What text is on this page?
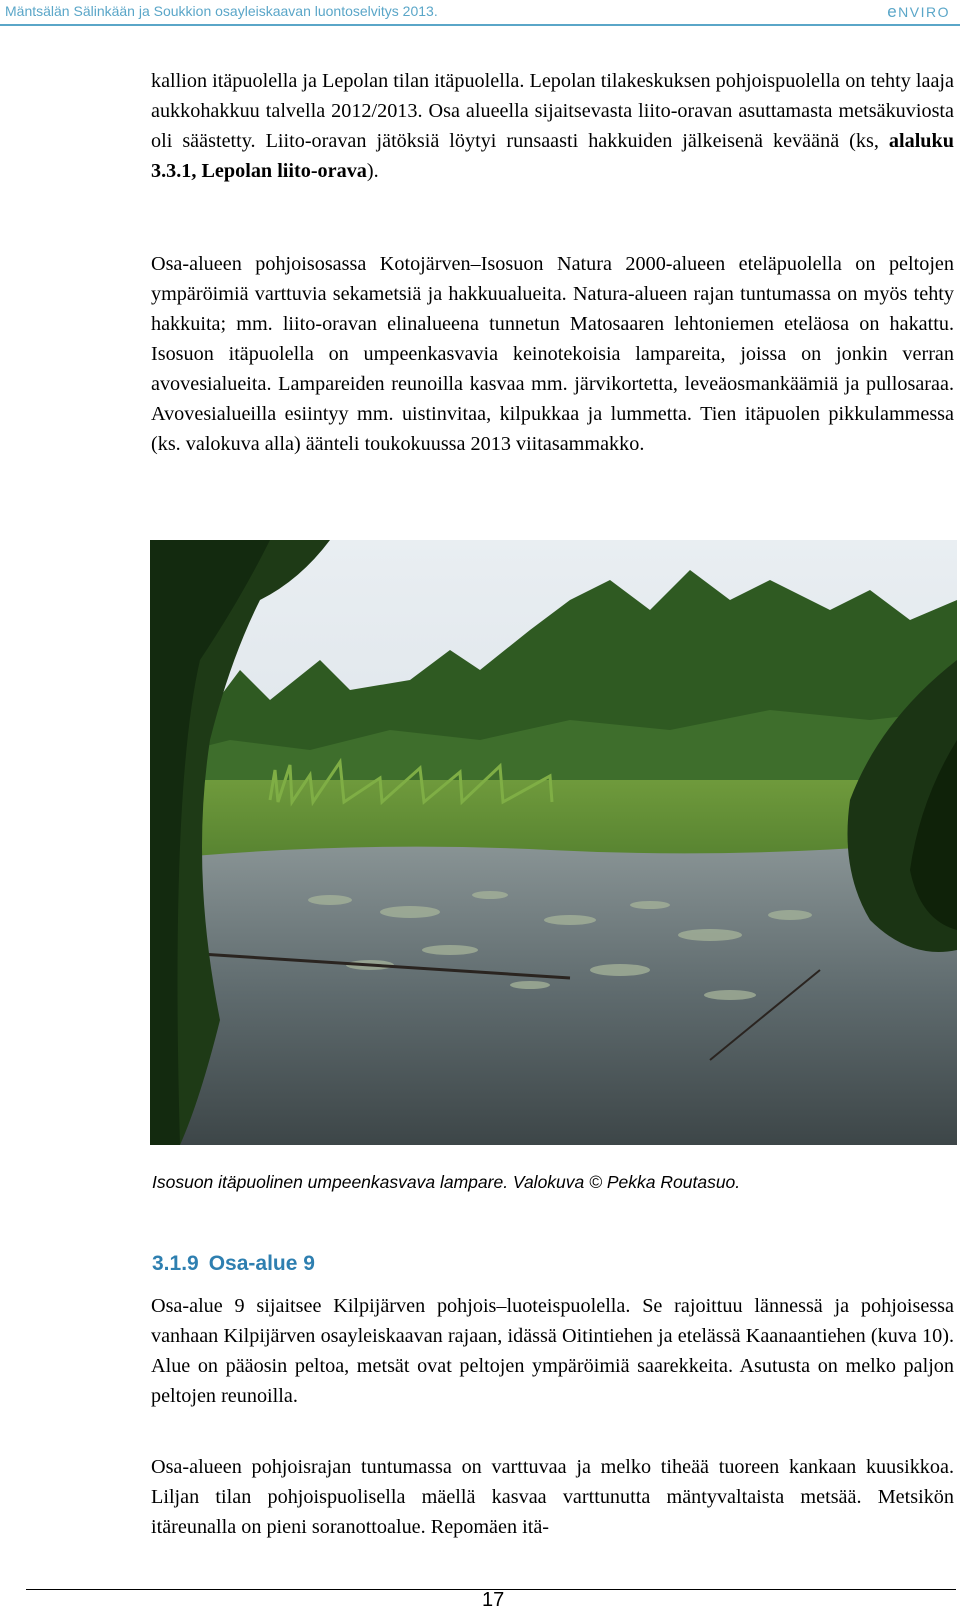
Mäntsälän Sälinkään ja Soukkion osayleiskaavan luontoselvitys 2013.	eNVIRO

kallion itäpuolella ja Lepolan tilan itäpuolella. Lepolan tilakeskuksen pohjoispuolella on tehty laaja aukkohakkuu talvella 2012/2013. Osa alueella sijaitsevasta liito-oravan asuttamasta metsäkuviosta oli säästetty. Liito-oravan jätöksiä löytyi runsaasti hakkuiden jälkeisenä keväänä (ks, alaluku 3.3.1, Lepolan liito-orava).

Osa-alueen pohjoisosassa Kotojärven–Isosuon Natura 2000-alueen eteläpuolella on peltojen ympäröimiä varttuvia sekametsiä ja hakkuualueita. Natura-alueen rajan tuntumassa on myös tehty hakkuita; mm. liito-oravan elinalueena tunnetun Matosaaren lehtoniemen eteläosa on hakattu. Isosuon itäpuolella on umpeenkasvavia keinotekoisia lampareita, joissa on jonkin verran avovesialueita. Lampareiden reunoilla kasvaa mm. järvikortetta, leveäosmankäämiä ja pullosaraa. Avovesialueilla esiintyy mm. uistinvitaa, kilpukkaa ja lummetta. Tien itäpuolen pikkulammessa (ks. valokuva alla) äänteli toukokuussa 2013 viitasammakko.

Isosuon itäpuolinen umpeenkasvava lampare. Valokuva © Pekka Routasuo.
3.1.9 Osa-alue 9

Osa-alue 9 sijaitsee Kilpijärven pohjois–luoteispuolella. Se rajoittuu lännessä ja pohjoisessa vanhaan Kilpijärven osayleiskaavan rajaan, idässä Oitintiehen ja etelässä Kaanaantiehen (kuva 10). Alue on pääosin peltoa, metsät ovat peltojen ympäröimiä saarekkeita. Asutusta on melko paljon peltojen reunoilla.

Osa-alueen pohjoisrajan tuntumassa on varttuvaa ja melko tiheää tuoreen kankaan kuusikkoa. Liljan tilan pohjoispuolisella mäellä kasvaa varttunutta mäntyvaltaista metsää. Metsikön itäreunalla on pieni soranottoalue. Repomäen itä-

17
